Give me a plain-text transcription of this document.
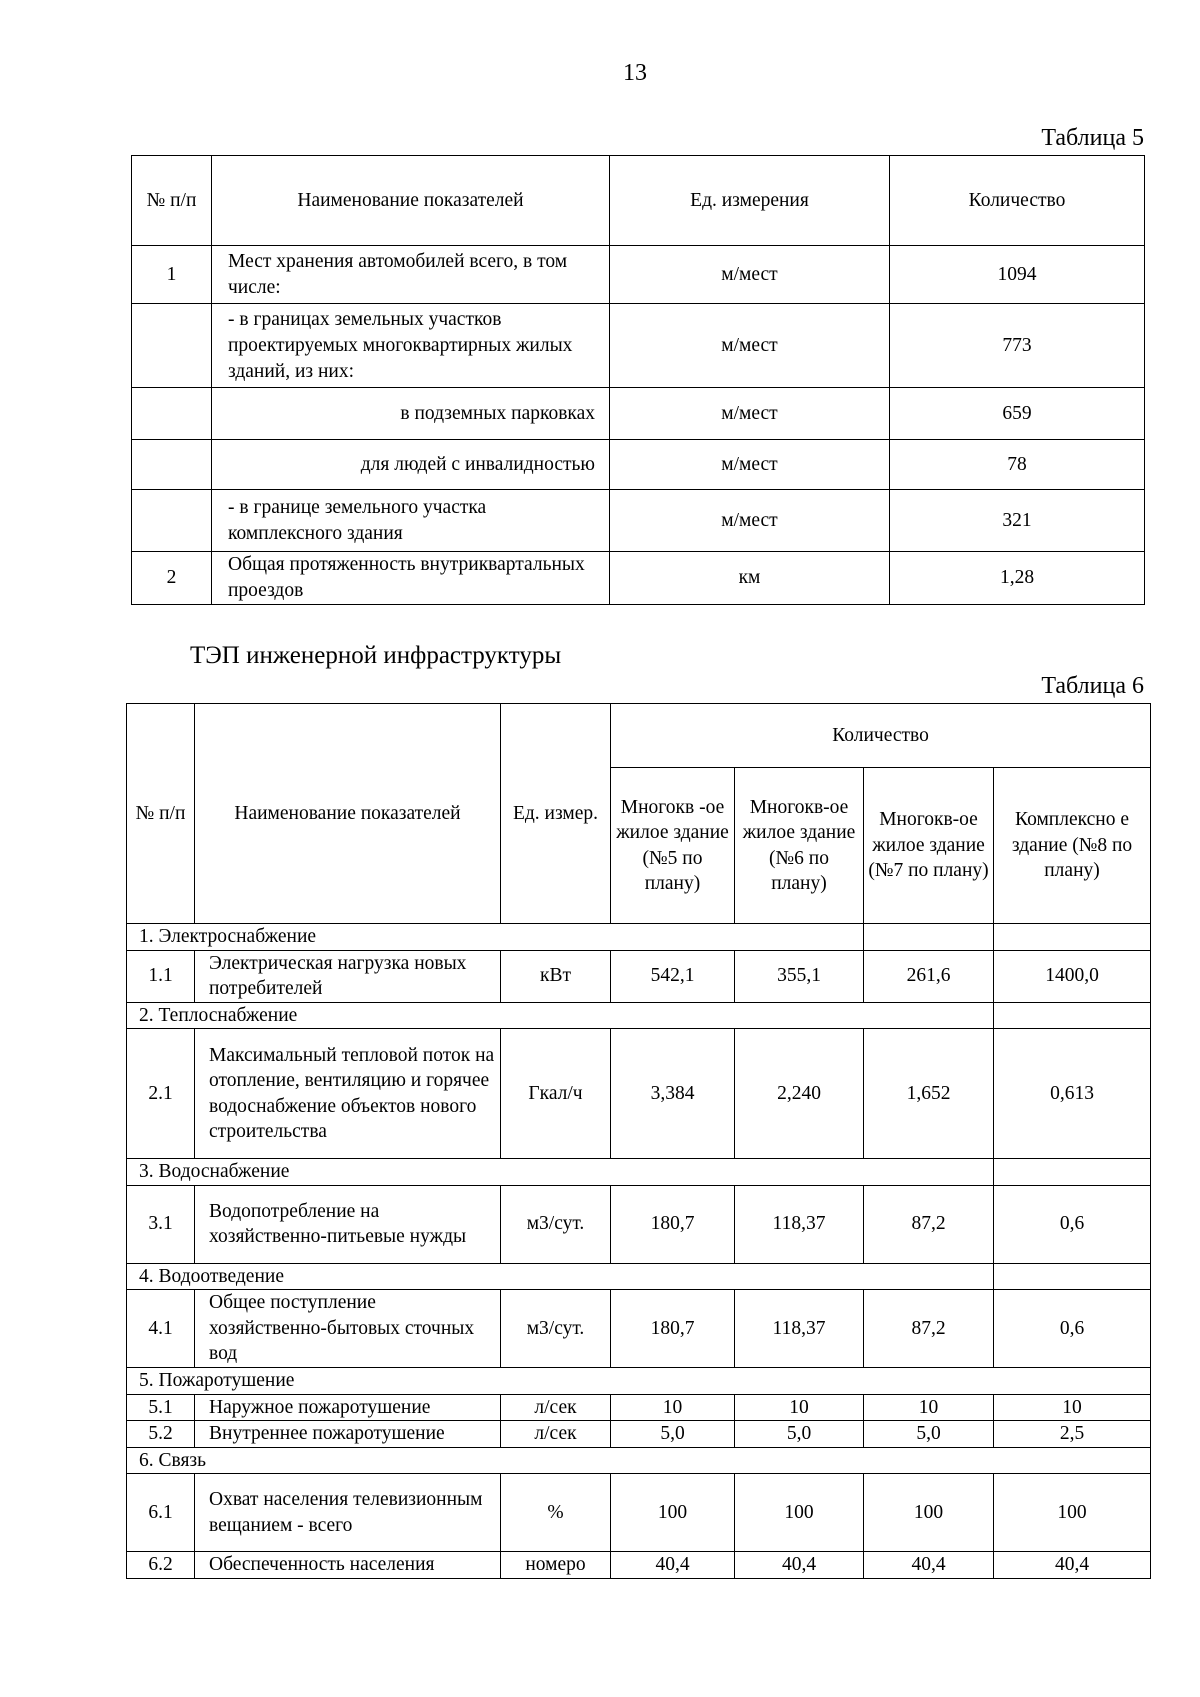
13
Таблица 5
№ п/п	Наименование показателей	Ед. измерения	Количество
1	Мест хранения автомобилей всего, в том числе:	м/мест	1094
	- в границах земельных участков проектируемых многоквартирных жилых зданий, из них:	м/мест	773
	в подземных парковках	м/мест	659
	для людей с инвалидностью	м/мест	78
	- в границе земельного участка комплексного здания	м/мест	321
2	Общая протяженность внутриквартальных проездов	км	1,28
ТЭП инженерной инфраструктуры
Таблица 6
№ п/п	Наименование показателей	Ед. измер.	Количество			
			Многокв -ое жилое здание (№5 по плану)	Многокв-ое жилое здание (№6 по плану)	Многокв-ое жилое здание (№7 по плану)	Комплексно е здание (№8 по плану)
1. Электроснабжение						
1.1	Электрическая нагрузка новых потребителей	кВт	542,1	355,1	261,6	1400,0
2. Теплоснабжение						
2.1	Максимальный тепловой поток на отопление, вентиляцию и горячее водоснабжение объектов нового строительства	Гкал/ч	3,384	2,240	1,652	0,613
3. Водоснабжение						
3.1	Водопотребление на хозяйственно-питьевые нужды	м3/сут.	180,7	118,37	87,2	0,6
4. Водоотведение						
4.1	Общее поступление хозяйственно-бытовых сточных вод	м3/сут.	180,7	118,37	87,2	0,6
5. Пожаротушение						
5.1	Наружное пожаротушение	л/сек	10	10	10	10
5.2	Внутреннее пожаротушение	л/сек	5,0	5,0	5,0	2,5
6. Связь						
6.1	Охват населения телевизионным вещанием - всего	%	100	100	100	100
6.2	Обеспеченность населения	номеро	40,4	40,4	40,4	40,4
